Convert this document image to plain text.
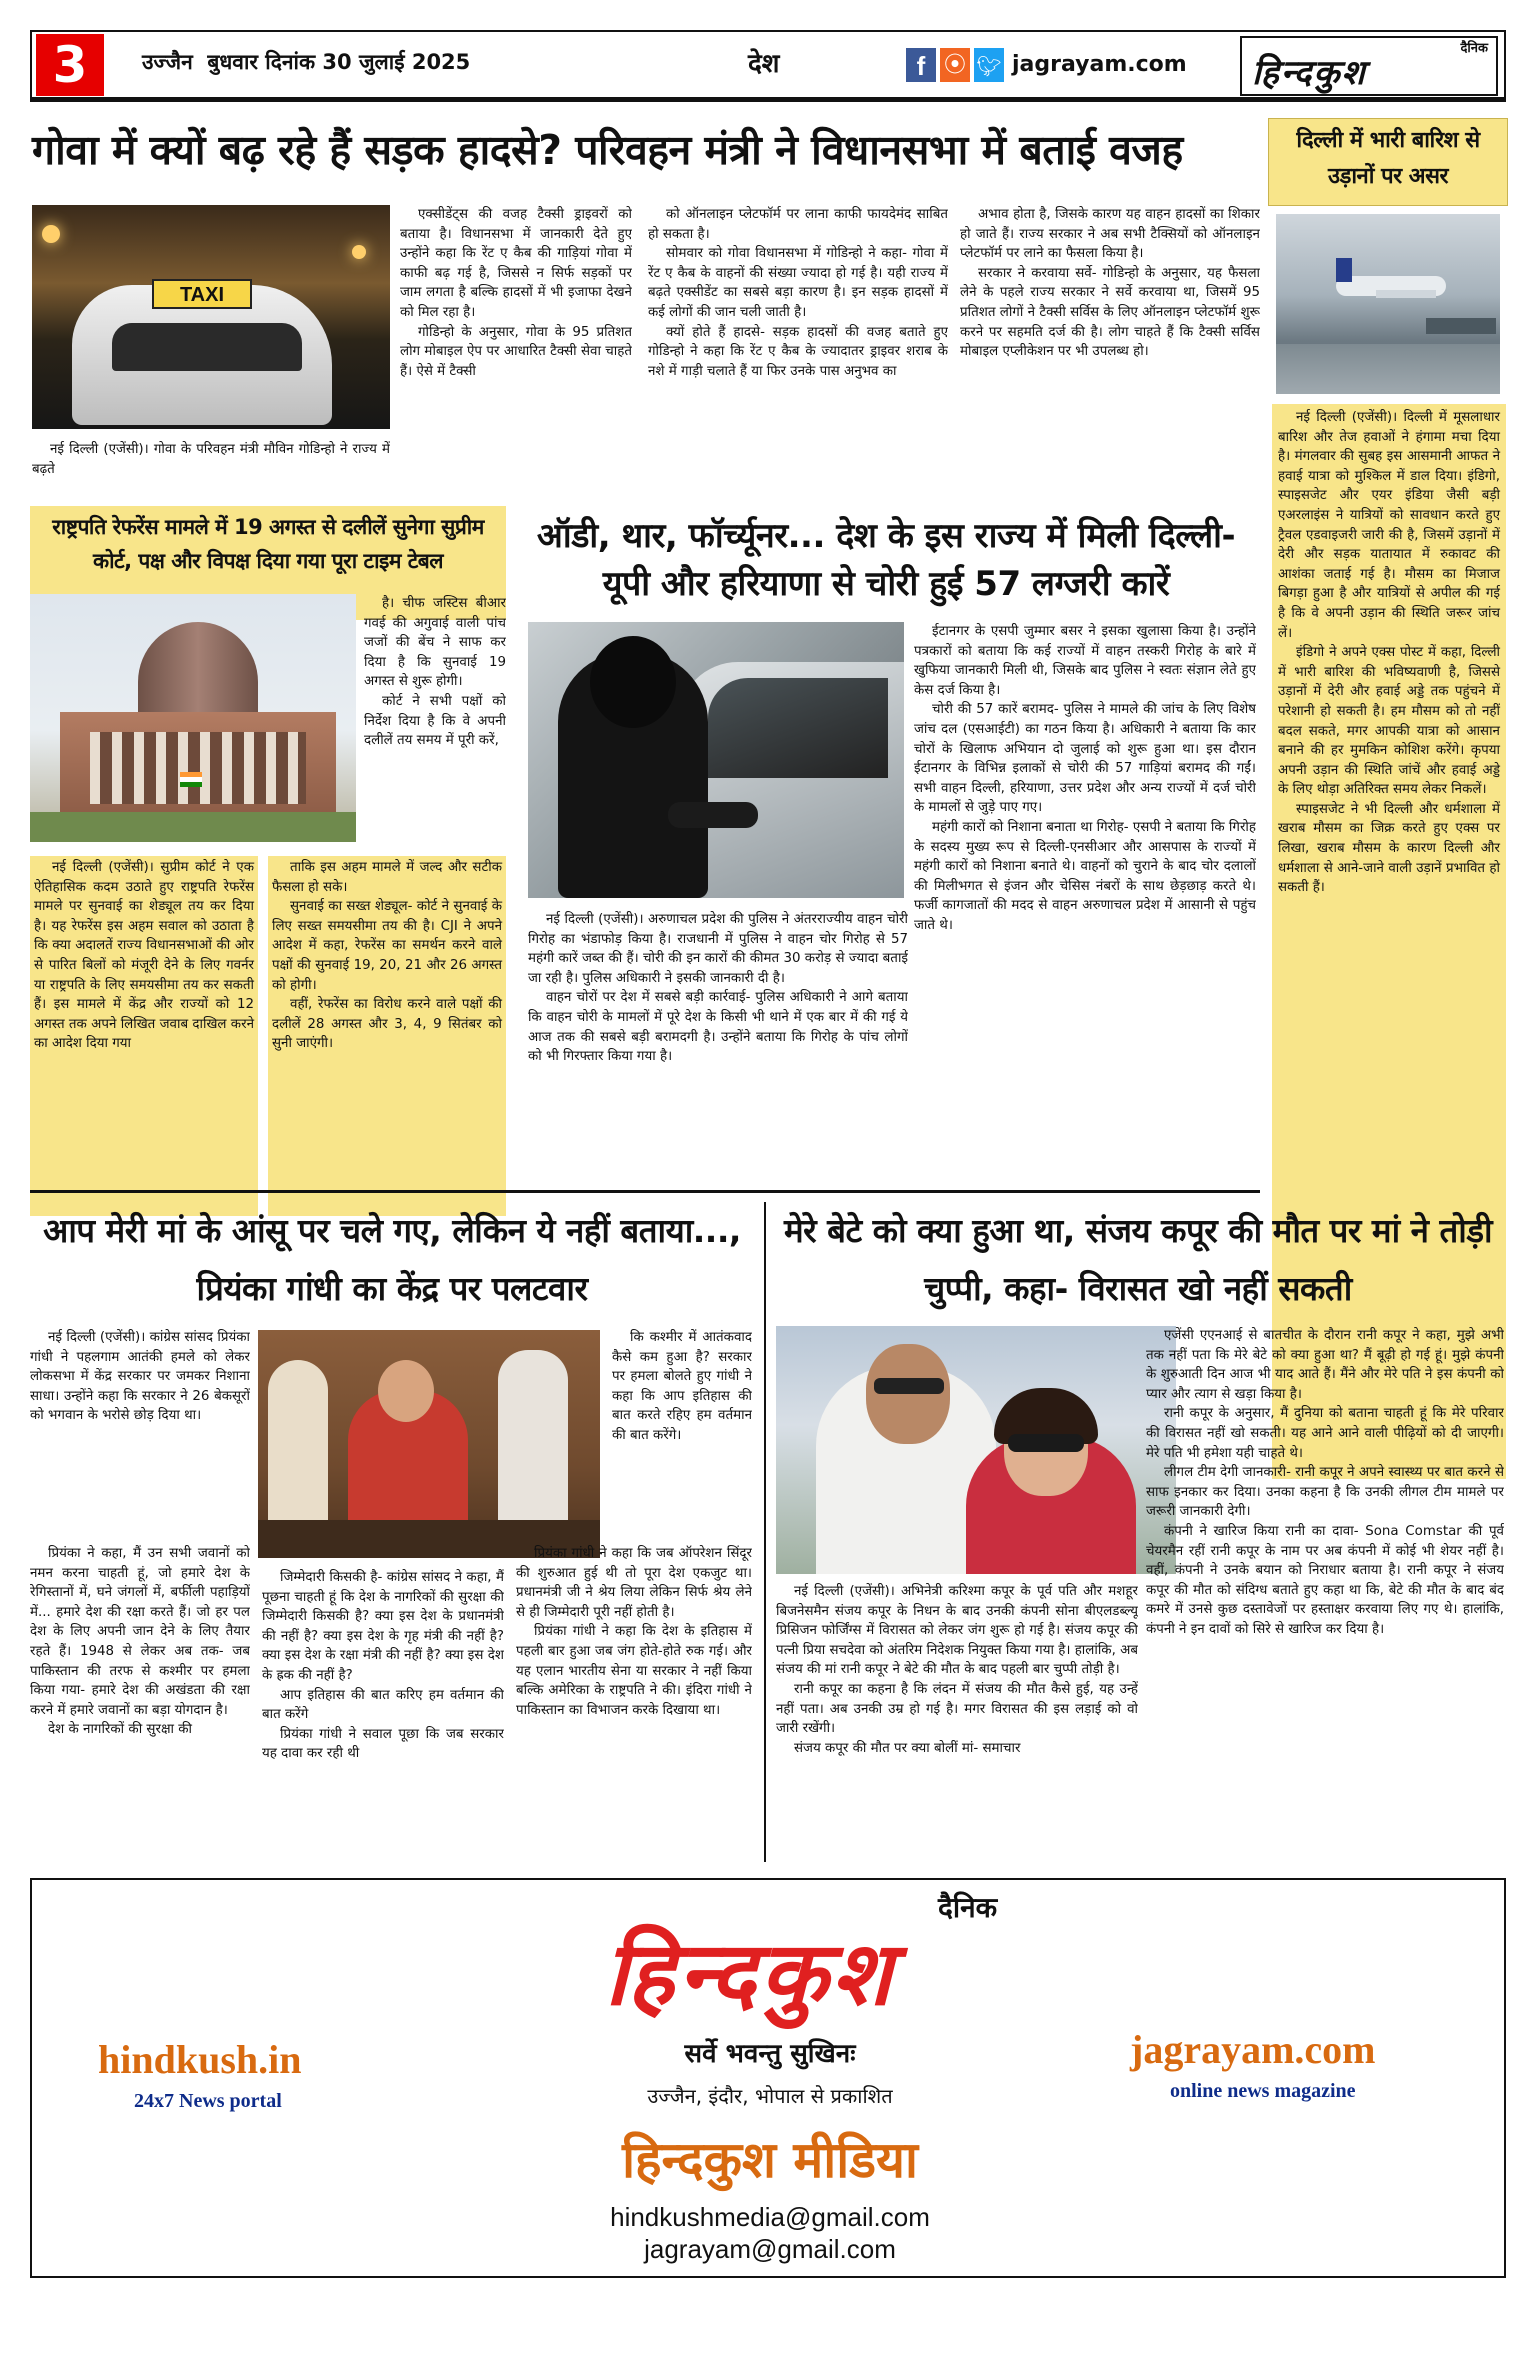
3	उज्जैन  बुधवार दिनांक 30 जुलाई 2025	देश	f ⦿ 🐦︎ jagrayam.com
दैनिक
हिन्दकुश
गोवा में क्यों बढ़ रहे हैं सड़क हादसे? परिवहन मंत्री ने विधानसभा में बताई वजह
TAXI

नई दिल्ली (एजेंसी)। गोवा के परिवहन मंत्री मौविन गोडिन्हो ने राज्य में बढ़ते

एक्सीडेंट्स की वजह टैक्सी ड्राइवरों को बताया है। विधानसभा में जानकारी देते हुए उन्होंने कहा कि रेंट ए कैब की गाड़ियां गोवा में काफी बढ़ गई है, जिससे न सिर्फ सड़कों पर जाम लगता है बल्कि हादसों में भी इजाफा देखने को मिल रहा है।

गोडिन्हो के अनुसार, गोवा के 95 प्रतिशत लोग मोबाइल ऐप पर आधारित टैक्सी सेवा चाहते हैं। ऐसे में टैक्सी

को ऑनलाइन प्लेटफॉर्म पर लाना काफी फायदेमंद साबित हो सकता है।

सोमवार को गोवा विधानसभा में गोडिन्हो ने कहा- गोवा में रेंट ए कैब के वाहनों की संख्या ज्यादा हो गई है। यही राज्य में बढ़ते एक्सीडेंट का सबसे बड़ा कारण है। इन सड़क हादसों में कई लोगों की जान चली जाती है।

क्यों होते हैं हादसे- सड़क हादसों की वजह बताते हुए गोडिन्हो ने कहा कि रेंट ए कैब के ज्यादातर ड्राइवर शराब के नशे में गाड़ी चलाते हैं या फिर उनके पास अनुभव का

अभाव होता है, जिसके कारण यह वाहन हादसों का शिकार हो जाते हैं। राज्य सरकार ने अब सभी टैक्सियों को ऑनलाइन प्लेटफॉर्म पर लाने का फैसला किया है।

सरकार ने करवाया सर्वे- गोडिन्हो के अनुसार, यह फैसला लेने के पहले राज्य सरकार ने सर्वे करवाया था, जिसमें 95 प्रतिशत लोगों ने टैक्सी सर्विस के लिए ऑनलाइन प्लेटफॉर्म शुरू करने पर सहमति दर्ज की है। लोग चाहते हैं कि टैक्सी सर्विस मोबाइल एप्लीकेशन पर भी उपलब्ध हो।

दिल्ली में भारी बारिश से उड़ानों पर असर

नई दिल्ली (एजेंसी)। दिल्ली में मूसलाधार बारिश और तेज हवाओं ने हंगामा मचा दिया है। मंगलवार की सुबह इस आसमानी आफत ने हवाई यात्रा को मुश्किल में डाल दिया। इंडिगो, स्पाइसजेट और एयर इंडिया जैसी बड़ी एअरलाइंस ने यात्रियों को सावधान करते हुए ट्रैवल एडवाइजरी जारी की है, जिसमें उड़ानों में देरी और सड़क यातायात में रुकावट की आशंका जताई गई है। मौसम का मिजाज बिगड़ा हुआ है और यात्रियों से अपील की गई है कि वे अपनी उड़ान की स्थिति जरूर जांच लें।

इंडिगो ने अपने एक्स पोस्ट में कहा, दिल्ली में भारी बारिश की भविष्यवाणी है, जिससे उड़ानों में देरी और हवाई अड्डे तक पहुंचने में परेशानी हो सकती है। हम मौसम को तो नहीं बदल सकते, मगर आपकी यात्रा को आसान बनाने की हर मुमकिन कोशिश करेंगे। कृपया अपनी उड़ान की स्थिति जांचें और हवाई अड्डे के लिए थोड़ा अतिरिक्त समय लेकर निकलें।

स्पाइसजेट ने भी दिल्ली और धर्मशाला में खराब मौसम का जिक्र करते हुए एक्स पर लिखा, खराब मौसम के कारण दिल्ली और धर्मशाला से आने-जाने वाली उड़ानें प्रभावित हो सकती हैं।

राष्ट्रपति रेफरेंस मामले में 19 अगस्त से दलीलें सुनेगा सुप्रीम कोर्ट, पक्ष और विपक्ष दिया गया पूरा टाइम टेबल

है। चीफ जस्टिस बीआर गवई की अगुवाई वाली पांच जजों की बेंच ने साफ कर दिया है कि सुनवाई 19 अगस्त से शुरू होगी।

कोर्ट ने सभी पक्षों को निर्देश दिया है कि वे अपनी दलीलें तय समय में पूरी करें,

नई दिल्ली (एजेंसी)। सुप्रीम कोर्ट ने एक ऐतिहासिक कदम उठाते हुए राष्ट्रपति रेफरेंस मामले पर सुनवाई का शेड्यूल तय कर दिया है। यह रेफरेंस इस अहम सवाल को उठाता है कि क्या अदालतें राज्य विधानसभाओं की ओर से पारित बिलों को मंजूरी देने के लिए गवर्नर या राष्ट्रपति के लिए समयसीमा तय कर सकती हैं। इस मामले में केंद्र और राज्यों को 12 अगस्त तक अपने लिखित जवाब दाखिल करने का आदेश दिया गया

ताकि इस अहम मामले में जल्द और सटीक फैसला हो सके।

सुनवाई का सख्त शेड्यूल- कोर्ट ने सुनवाई के लिए सख्त समयसीमा तय की है। CJI ने अपने आदेश में कहा, रेफरेंस का समर्थन करने वाले पक्षों की सुनवाई 19, 20, 21 और 26 अगस्त को होगी।

वहीं, रेफरेंस का विरोध करने वाले पक्षों की दलीलें 28 अगस्त और 3, 4, 9 सितंबर को सुनी जाएंगी।

ऑडी, थार, फॉर्च्यूनर... देश के इस राज्य में मिली दिल्ली-यूपी और हरियाणा से चोरी हुई 57 लग्जरी कारें

नई दिल्ली (एजेंसी)। अरुणाचल प्रदेश की पुलिस ने अंतरराज्यीय वाहन चोरी गिरोह का भंडाफोड़ किया है। राजधानी में पुलिस ने वाहन चोर गिरोह से 57 महंगी कारें जब्त की हैं। चोरी की इन कारों की कीमत 30 करोड़ से ज्यादा बताई जा रही है। पुलिस अधिकारी ने इसकी जानकारी दी है।

वाहन चोरों पर देश में सबसे बड़ी कार्रवाई- पुलिस अधिकारी ने आगे बताया कि वाहन चोरी के मामलों में पूरे देश के किसी भी थाने में एक बार में की गई ये आज तक की सबसे बड़ी बरामदगी है। उन्होंने बताया कि गिरोह के पांच लोगों को भी गिरफ्तार किया गया है।

ईटानगर के एसपी जुम्मार बसर ने इसका खुलासा किया है। उन्होंने पत्रकारों को बताया कि कई राज्यों में वाहन तस्करी गिरोह के बारे में खुफिया जानकारी मिली थी, जिसके बाद पुलिस ने स्वतः संज्ञान लेते हुए केस दर्ज किया है।

चोरी की 57 कारें बरामद- पुलिस ने मामले की जांच के लिए विशेष जांच दल (एसआईटी) का गठन किया है। अधिकारी ने बताया कि कार चोरों के खिलाफ अभियान दो जुलाई को शुरू हुआ था। इस दौरान ईटानगर के विभिन्न इलाकों से चोरी की 57 गाड़ियां बरामद की गईं। सभी वाहन दिल्ली, हरियाणा, उत्तर प्रदेश और अन्य राज्यों में दर्ज चोरी के मामलों से जुड़े पाए गए।

महंगी कारों को निशाना बनाता था गिरोह- एसपी ने बताया कि गिरोह के सदस्य मुख्य रूप से दिल्ली-एनसीआर और आसपास के राज्यों में महंगी कारों को निशाना बनाते थे। वाहनों को चुराने के बाद चोर दलालों की मिलीभगत से इंजन और चेसिस नंबरों के साथ छेड़छाड़ करते थे। फर्जी कागजातों की मदद से वाहन अरुणाचल प्रदेश में आसानी से पहुंच जाते थे।

आप मेरी मां के आंसू पर चले गए, लेकिन ये नहीं बताया..., प्रियंका गांधी का केंद्र पर पलटवार

नई दिल्ली (एजेंसी)। कांग्रेस सांसद प्रियंका गांधी ने पहलगाम आतंकी हमले को लेकर लोकसभा में केंद्र सरकार पर जमकर निशाना साधा। उन्होंने कहा कि सरकार ने 26 बेकसूरों को भगवान के भरोसे छोड़ दिया था।

कि कश्मीर में आतंकवाद कैसे कम हुआ है? सरकार पर हमला बोलते हुए गांधी ने कहा कि आप इतिहास की बात करते रहिए हम वर्तमान की बात करेंगे।

प्रियंका ने कहा, मैं उन सभी जवानों को नमन करना चाहती हूं, जो हमारे देश के रेगिस्तानों में, घने जंगलों में, बर्फीली पहाड़ियों में... हमारे देश की रक्षा करते हैं। जो हर पल देश के लिए अपनी जान देने के लिए तैयार रहते हैं। 1948 से लेकर अब तक- जब पाकिस्तान की तरफ से कश्मीर पर हमला किया गया- हमारे देश की अखंडता की रक्षा करने में हमारे जवानों का बड़ा योगदान है।

देश के नागरिकों की सुरक्षा की

जिम्मेदारी किसकी है- कांग्रेस सांसद ने कहा, मैं पूछना चाहती हूं कि देश के नागरिकों की सुरक्षा की जिम्मेदारी किसकी है? क्या इस देश के प्रधानमंत्री की नहीं है? क्या इस देश के गृह मंत्री की नहीं है? क्या इस देश के रक्षा मंत्री की नहीं है? क्या इस देश के ह्रक की नहीं है?

आप इतिहास की बात करिए हम वर्तमान की बात करेंगे

प्रियंका गांधी ने सवाल पूछा कि जब सरकार यह दावा कर रही थी

प्रियंका गांधी ने कहा कि जब ऑपरेशन सिंदूर की शुरुआत हुई थी तो पूरा देश एकजुट था। प्रधानमंत्री जी ने श्रेय लिया लेकिन सिर्फ श्रेय लेने से ही जिम्मेदारी पूरी नहीं होती है।

प्रियंका गांधी ने कहा कि देश के इतिहास में पहली बार हुआ जब जंग होते-होते रुक गई। और यह एलान भारतीय सेना या सरकार ने नहीं किया बल्कि अमेरिका के राष्ट्रपति ने की। इंदिरा गांधी ने पाकिस्तान का विभाजन करके दिखाया था।

मेरे बेटे को क्या हुआ था, संजय कपूर की मौत पर मां ने तोड़ी चुप्पी, कहा- विरासत खो नहीं सकती

नई दिल्ली (एजेंसी)। अभिनेत्री करिश्मा कपूर के पूर्व पति और मशहूर बिजनेसमैन संजय कपूर के निधन के बाद उनकी कंपनी सोना बीएलडब्ल्यू प्रिसिजन फोर्जिंग्स में विरासत को लेकर जंग शुरू हो गई है। संजय कपूर की पत्नी प्रिया सचदेवा को अंतरिम निदेशक नियुक्त किया गया है। हालांकि, अब संजय की मां रानी कपूर ने बेटे की मौत के बाद पहली बार चुप्पी तोड़ी है।

रानी कपूर का कहना है कि लंदन में संजय की मौत कैसे हुई, यह उन्हें नहीं पता। अब उनकी उम्र हो गई है। मगर विरासत की इस लड़ाई को वो जारी रखेंगी।

संजय कपूर की मौत पर क्या बोलीं मां- समाचार

एजेंसी एएनआई से बातचीत के दौरान रानी कपूर ने कहा, मुझे अभी तक नहीं पता कि मेरे बेटे को क्या हुआ था? मैं बूढ़ी हो गई हूं। मुझे कंपनी के शुरुआती दिन आज भी याद आते हैं। मैंने और मेरे पति ने इस कंपनी को प्यार और त्याग से खड़ा किया है।

रानी कपूर के अनुसार, मैं दुनिया को बताना चाहती हूं कि मेरे परिवार की विरासत नहीं खो सकती। यह आने आने वाली पीढ़ियों को दी जाएगी। मेरे पति भी हमेशा यही चाहते थे।

लीगल टीम देगी जानकारी- रानी कपूर ने अपने स्वास्थ्य पर बात करने से साफ इनकार कर दिया। उनका कहना है कि उनकी लीगल टीम मामले पर जरूरी जानकारी देगी।

कंपनी ने खारिज किया रानी का दावा- Sona Comstar की पूर्व चेयरमैन रहीं रानी कपूर के नाम पर अब कंपनी में कोई भी शेयर नहीं है। वहीं, कंपनी ने उनके बयान को निराधार बताया है। रानी कपूर ने संजय कपूर की मौत को संदिग्ध बताते हुए कहा था कि, बेटे की मौत के बाद बंद कमरे में उनसे कुछ दस्तावेजों पर हस्ताक्षर करवाया लिए गए थे। हालांकि, कंपनी ने इन दावों को सिरे से खारिज कर दिया है।

दैनिक
हिन्दकुश
सर्वे भवन्तु सुखिनः
उज्जैन, इंदौर, भोपाल से प्रकाशित
hindkush.in
24x7 News portal
jagrayam.com
online news magazine
हिन्दकुश मीडिया
hindkushmedia@gmail.com
jagrayam@gmail.com
